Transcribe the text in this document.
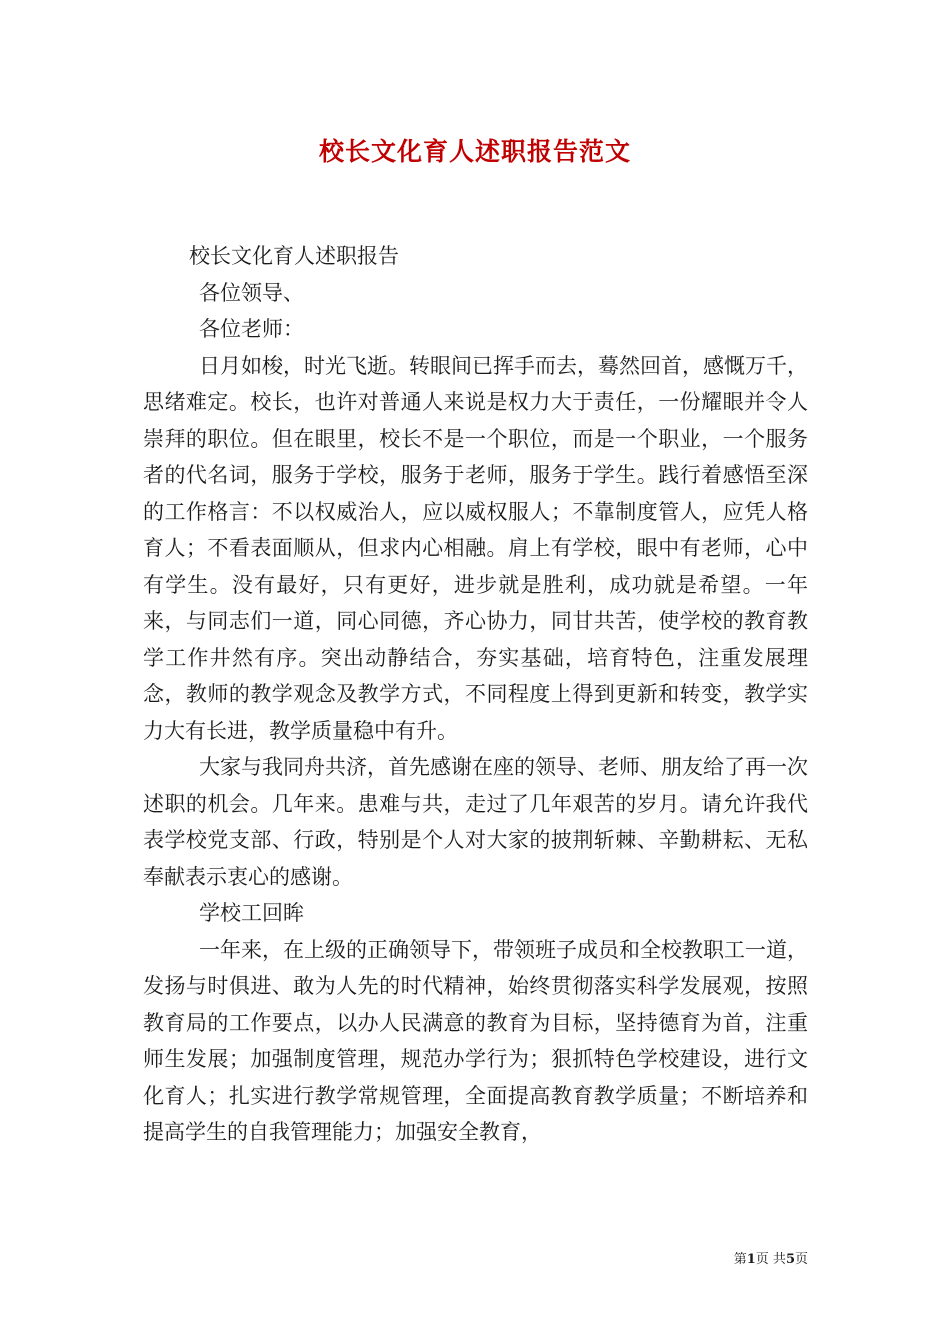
校长文化育人述职报告范文

校长文化育人述职报告

各位领导、

各位老师：

日月如梭，时光飞逝。转眼间已挥手而去，蓦然回首，感慨万千，思绪难定。校长，也许对普通人来说是权力大于责任，一份耀眼并令人崇拜的职位。但在眼里，校长不是一个职位，而是一个职业，一个服务者的代名词，服务于学校，服务于老师，服务于学生。践行着感悟至深的工作格言：不以权威治人，应以威权服人；不靠制度管人，应凭人格育人；不看表面顺从，但求内心相融。肩上有学校，眼中有老师，心中有学生。没有最好，只有更好，进步就是胜利，成功就是希望。一年来，与同志们一道，同心同德，齐心协力，同甘共苦，使学校的教育教学工作井然有序。突出动静结合，夯实基础，培育特色，注重发展理念，教师的教学观念及教学方式，不同程度上得到更新和转变，教学实力大有长进，教学质量稳中有升。

大家与我同舟共济，首先感谢在座的领导、老师、朋友给了再一次述职的机会。几年来。患难与共，走过了几年艰苦的岁月。请允许我代表学校党支部、行政，特别是个人对大家的披荆斩棘、辛勤耕耘、无私奉献表示衷心的感谢。

学校工回眸

一年来，在上级的正确领导下，带领班子成员和全校教职工一道，发扬与时俱进、敢为人先的时代精神，始终贯彻落实科学发展观，按照教育局的工作要点，以办人民满意的教育为目标，坚持德育为首，注重师生发展；加强制度管理，规范办学行为；狠抓特色学校建设，进行文化育人；扎实进行教学常规管理，全面提高教育教学质量；不断培养和提高学生的自我管理能力；加强安全教育，

第1页 共5页
